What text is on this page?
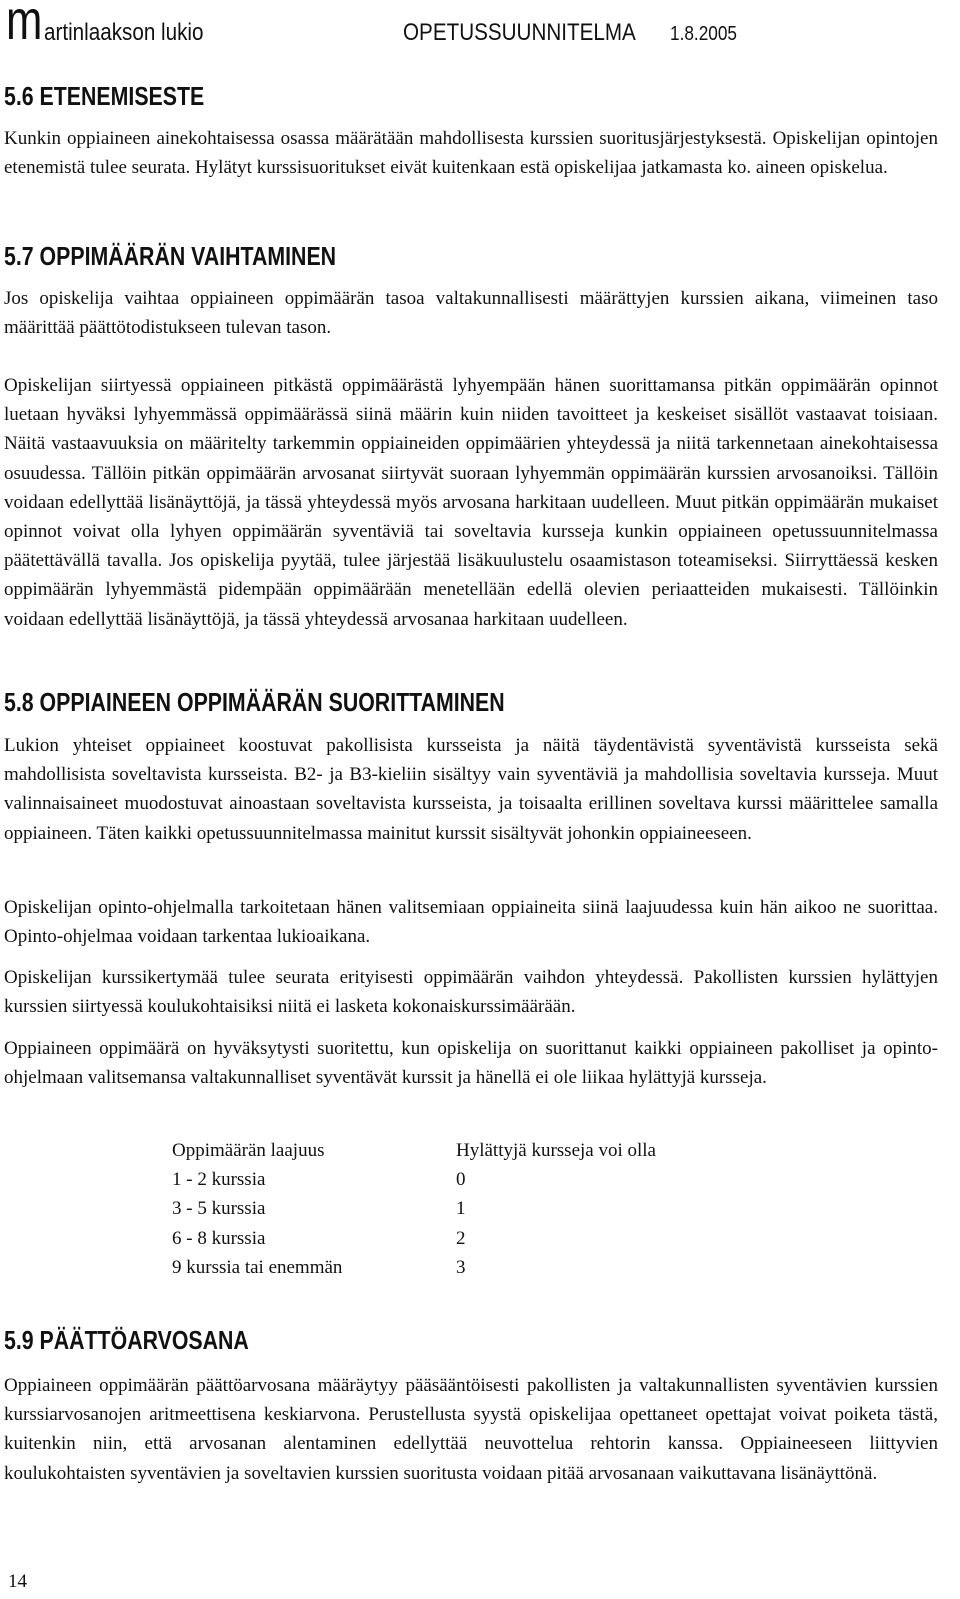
m artinlaakson lukio	OPETUSSUUNNITELMA 1.8.2005
5.6 ETENEMISESTE

Kunkin oppiaineen ainekohtaisessa osassa määrätään mahdollisesta kurssien suoritusjärjestyksestä. Opiskelijan opintojen etenemistä tulee seurata. Hylätyt kurssisuoritukset eivät kuitenkaan estä opiskelijaa jatkamasta ko. aineen opiskelua.

5.7 OPPIMÄÄRÄN VAIHTAMINEN

Jos opiskelija vaihtaa oppiaineen oppimäärän tasoa valtakunnallisesti määrättyjen kurssien aikana, viimeinen taso määrittää päättötodistukseen tulevan tason.

Opiskelijan siirtyessä oppiaineen pitkästä oppimäärästä lyhyempään hänen suorittamansa pitkän oppimäärän opinnot luetaan hyväksi lyhyemmässä oppimäärässä siinä määrin kuin niiden tavoitteet ja keskeiset sisällöt vastaavat toisiaan. Näitä vastaavuuksia on määritelty tarkemmin oppiaineiden oppimäärien yhteydessä ja niitä tarkennetaan ainekohtaisessa osuudessa. Tällöin pitkän oppimäärän arvosanat siirtyvät suoraan lyhyemmän oppimäärän kurssien arvosanoiksi. Tällöin voidaan edellyttää lisänäyttöjä, ja tässä yhteydessä myös arvosana harkitaan uudelleen. Muut pitkän oppimäärän mukaiset opinnot voivat olla lyhyen oppimäärän syventäviä tai soveltavia kursseja kunkin oppiaineen opetussuunnitelmassa päätettävällä tavalla. Jos opiskelija pyytää, tulee järjestää lisäkuulustelu osaamistason toteamiseksi. Siirryttäessä kesken oppimäärän lyhyemmästä pidempään oppimäärään menetellään edellä olevien periaatteiden mukaisesti. Tällöinkin voidaan edellyttää lisänäyttöjä, ja tässä yhteydessä arvosanaa harkitaan uudelleen.

5.8 OPPIAINEEN OPPIMÄÄRÄN SUORITTAMINEN

Lukion yhteiset oppiaineet koostuvat pakollisista kursseista ja näitä täydentävistä syventävistä kursseista sekä mahdollisista soveltavista kursseista. B2- ja B3-kieliin sisältyy vain syventäviä ja mahdollisia soveltavia kursseja. Muut valinnaisaineet muodostuvat ainoastaan soveltavista kursseista, ja toisaalta erillinen soveltava kurssi määrittelee samalla oppiaineen. Täten kaikki opetussuunnitelmassa mainitut kurssit sisältyvät johonkin oppiaineeseen.

Opiskelijan opinto-ohjelmalla tarkoitetaan hänen valitsemiaan oppiaineita siinä laajuudessa kuin hän aikoo ne suorittaa. Opinto-ohjelmaa voidaan tarkentaa lukioaikana.

Opiskelijan kurssikertymää tulee seurata erityisesti oppimäärän vaihdon yhteydessä. Pakollisten kurssien hylättyjen kurssien siirtyessä koulukohtaisiksi niitä ei lasketa kokonaiskurssimäärään.

Oppiaineen oppimäärä on hyväksytysti suoritettu, kun opiskelija on suorittanut kaikki oppiaineen pakolliset ja opinto-ohjelmaan valitsemansa valtakunnalliset syventävät kurssit ja hänellä ei ole liikaa hylättyjä kursseja.

Oppimäärän laajuus	Hylättyjä kursseja voi olla
1 - 2 kurssia	0
3 - 5 kurssia	1
6 - 8 kurssia	2
9 kurssia tai enemmän	3
5.9 PÄÄTTÖARVOSANA

Oppiaineen oppimäärän päättöarvosana määräytyy pääsääntöisesti pakollisten ja valtakunnallisten syventävien kurssien kurssiarvosanojen aritmeettisena keskiarvona. Perustellusta syystä opiskelijaa opettaneet opettajat voivat poiketa tästä, kuitenkin niin, että arvosanan alentaminen edellyttää neuvottelua rehtorin kanssa. Oppiaineeseen liittyvien koulukohtaisten syventävien ja soveltavien kurssien suoritusta voidaan pitää arvosanaan vaikuttavana lisänäyttönä.

14
